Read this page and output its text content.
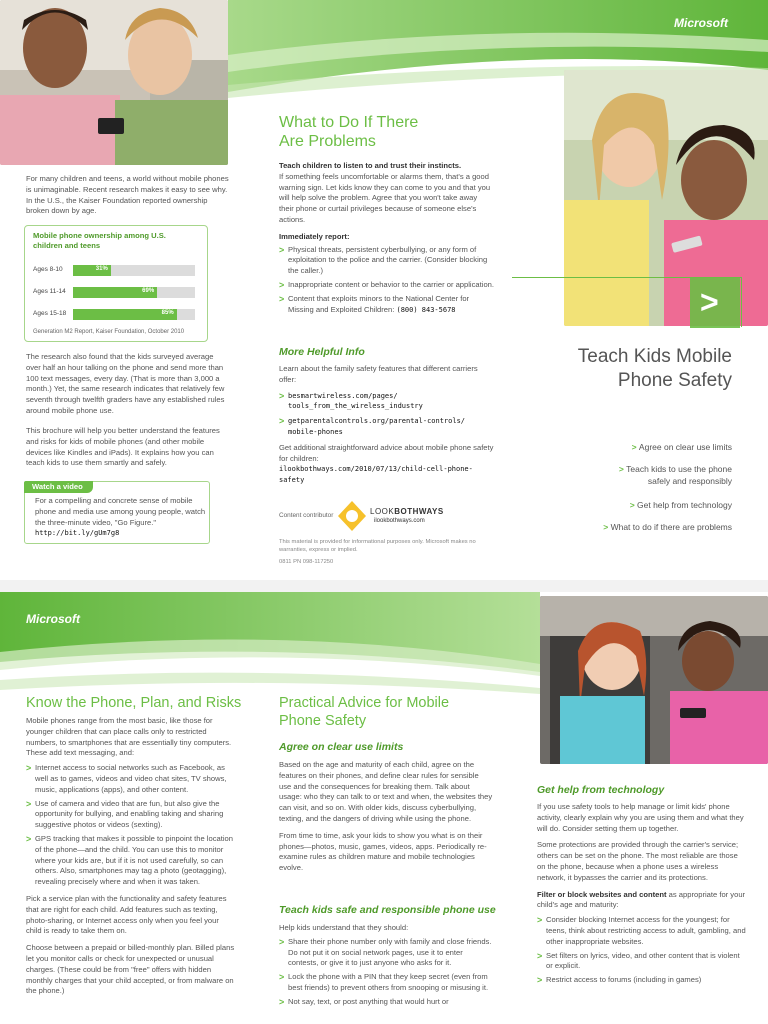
Microsoft
>
For many children and teens, a world without mobile phones is unimaginable. Recent research makes it easy to see why. In the U.S., the Kaiser Foundation reported ownership broken down by age.
Mobile phone ownership among U.S. children and teens
Ages 8-10	31%
Ages 11-14	69%
Ages 15-18	85%
Generation M2 Report, Kaiser Foundation, October 2010
The research also found that the kids surveyed average over half an hour talking on the phone and send more than 100 text messages, every day. (That is more than 3,000 a month.) Yet, the same research indicates that relatively few seventh through twelfth graders have any established rules around mobile phone use.
This brochure will help you better understand the features and risks for kids of mobile phones (and other mobile devices like Kindles and iPads). It explains how you can teach kids to use them smartly and safely.
Watch a video
For a compelling and concrete sense of mobile phone and media use among young people, watch the three-minute video, "Go Figure."
http://bit.ly/gUm7g8
What to Do If There
Are Problems
Teach children to listen to and trust their instincts.
If something feels uncomfortable or alarms them, that's a good warning sign. Let kids know they can come to you and that you will help solve the problem. Agree that you won't take away their phone or curtail privileges because of someone else's actions.
Immediately report:
> Physical threats, persistent cyberbullying, or any form of exploitation to the police and the carrier. (Consider blocking the caller.)
> Inappropriate content or behavior to the carrier or application.
> Content that exploits minors to the National Center for Missing and Exploited Children: (800) 843-5678
More Helpful Info
Learn about the family safety features that different carriers offer:
> besmartwireless.com/pages/ tools_from_the_wireless_industry
> getparentalcontrols.org/parental-controls/ mobile-phones
Get additional straightforward advice about mobile phone safety for children:
ilookbothways.com/2010/07/13/child-cell-phone-safety
Content contributor	LOOKBOTHWAYS
ilookbothways.com
This material is provided for informational purposes only. Microsoft makes no warranties, express or implied.
0811 PN 098-117250
Teach Kids Mobile
Phone Safety
> Agree on clear use limits
> Teach kids to use the phone safely and responsibly
> Get help from technology
> What to do if there are problems
Microsoft
Know the Phone, Plan, and Risks
Mobile phones range from the most basic, like those for younger children that can place calls only to restricted numbers, to smartphones that are essentially tiny computers. These add text messaging, and:
> Internet access to social networks such as Facebook, as well as to games, videos and video chat sites, TV shows, music, applications (apps), and other content.
> Use of camera and video that are fun, but also give the opportunity for bullying, and enabling taking and sharing suggestive photos or videos (sexting).
> GPS tracking that makes it possible to pinpoint the location of the phone—and the child. You can use this to monitor where your kids are, but if it is not used carefully, so can others. Also, smartphones may tag a photo (geotagging), revealing precisely where and when it was taken.
Pick a service plan with the functionality and safety features that are right for each child. Add features such as texting, photo-sharing, or Internet access only when you feel your child is ready to take them on.
Choose between a prepaid or billed-monthly plan. Billed plans let you monitor calls or check for unexpected or unusual charges. (These could be from "free" offers with hidden monthly charges that your child accepted, or from malware on the phone.)
Practical Advice for Mobile
Phone Safety
Agree on clear use limits
Based on the age and maturity of each child, agree on the features on their phones, and define clear rules for sensible use and the consequences for breaking them. Talk about usage: who they can talk to or text and when, the websites they can visit, and so on. With older kids, discuss cyberbullying, texting, and the dangers of driving while using the phone.
From time to time, ask your kids to show you what is on their phones—photos, music, games, videos, apps. Periodically re-examine rules as children mature and mobile technologies evolve.
Teach kids safe and responsible phone use
Help kids understand that they should:
> Share their phone number only with family and close friends. Do not put it on social network pages, use it to enter contests, or give it to just anyone who asks for it.
> Lock the phone with a PIN that they keep secret (even from best friends) to prevent others from snooping or misusing it.
> Not say, text, or post anything that would hurt or
Get help from technology
If you use safety tools to help manage or limit kids' phone activity, clearly explain why you are using them and what they will do. Consider setting them up together.
Some protections are provided through the carrier's service; others can be set on the phone. The most reliable are those on the phone, because when a phone uses a wireless network, it bypasses the carrier and its protections.
Filter or block websites and content as appropriate for your child's age and maturity:
> Consider blocking Internet access for the youngest; for teens, think about restricting access to adult, gambling, and other inappropriate websites.
> Set filters on lyrics, video, and other content that is violent or explicit.
> Restrict access to forums (including in games)
